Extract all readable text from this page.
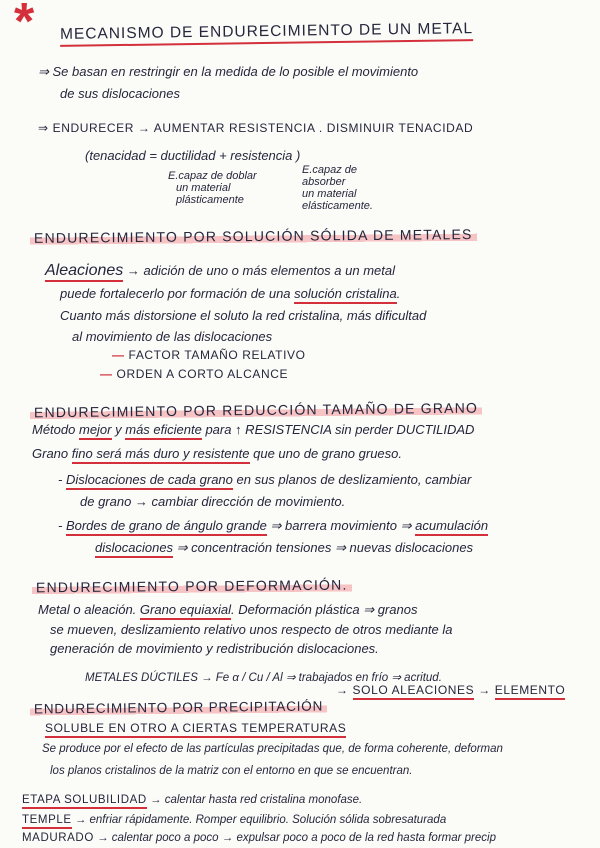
* MECANISMO DE ENDURECIMIENTO DE UN METAL
⇒ Se basan en restringir en la medida de lo posible el movimiento
de sus dislocaciones
⇒ ENDURECER → AUMENTAR RESISTENCIA . DISMINUIR TENACIDAD
(tenacidad = ductilidad + resistencia )
E.capaz de doblar
un material
plásticamente
E.capaz de
absorber
un material
elásticamente.
ENDURECIMIENTO POR SOLUCIÓN SÓLIDA DE METALES
Aleaciones → adición de uno o más elementos a un metal
puede fortalecerlo por formación de una solución cristalina.
Cuanto más distorsione el soluto la red cristalina, más dificultad
al movimiento de las dislocaciones
— FACTOR TAMAÑO RELATIVO
— ORDEN A CORTO ALCANCE
ENDURECIMIENTO POR REDUCCIÓN TAMAÑO DE GRANO
Método mejor y más eficiente para ↑ RESISTENCIA sin perder DUCTILIDAD
Grano fino será más duro y resistente que uno de grano grueso.
- Dislocaciones de cada grano en sus planos de deslizamiento, cambiar
de grano → cambiar dirección de movimiento.
- Bordes de grano de ángulo grande ⇒ barrera movimiento ⇒ acumulación
dislocaciones ⇒ concentración tensiones ⇒ nuevas dislocaciones
ENDURECIMIENTO POR DEFORMACIÓN.
Metal o aleación. Grano equiaxial. Deformación plástica ⇒ granos
se mueven, deslizamiento relativo unos respecto de otros mediante la
generación de movimiento y redistribución dislocaciones.
METALES DÚCTILES → Fe α / Cu / Al ⇒ trabajados en frío ⇒ acritud.
→ SOLO ALEACIONES → ELEMENTO
ENDURECIMIENTO POR PRECIPITACIÓN
SOLUBLE EN OTRO A CIERTAS TEMPERATURAS
Se produce por el efecto de las partículas precipitadas que, de forma coherente, deforman
los planos cristalinos de la matriz con el entorno en que se encuentran.
ETAPA SOLUBILIDAD → calentar hasta red cristalina monofase.
TEMPLE → enfriar rápidamente. Romper equilibrio. Solución sólida sobresaturada
MADURADO → calentar poco a poco → expulsar poco a poco de la red hasta formar precip
